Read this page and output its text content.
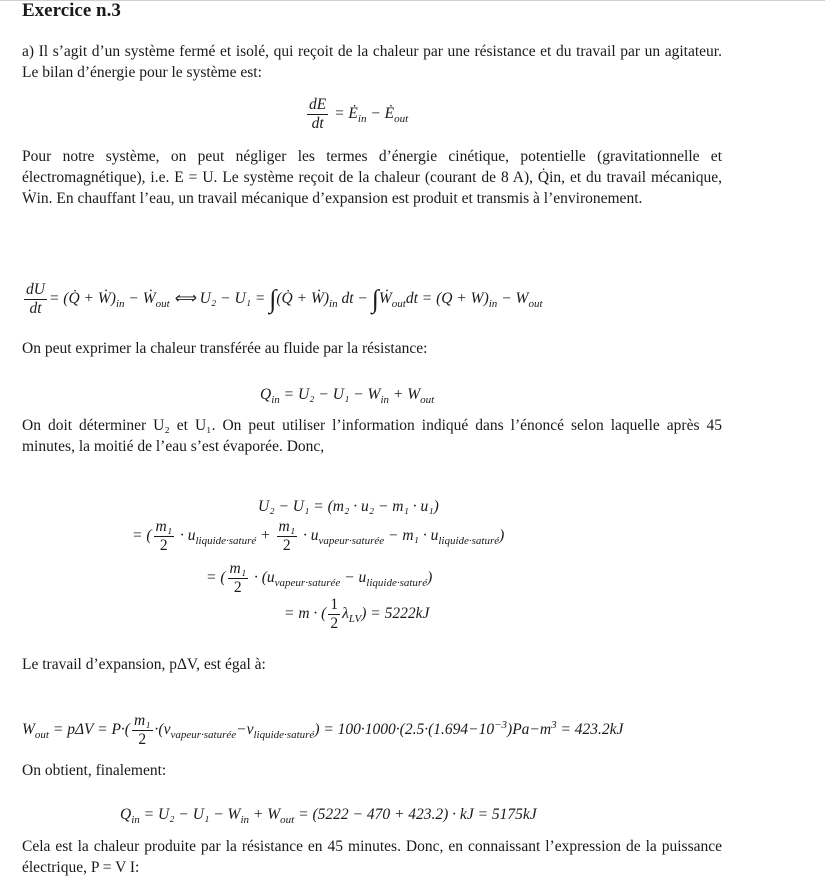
Exercice n.3
a) Il s’agit d’un système fermé et isolé, qui reçoit de la chaleur par une résistance et du travail par un agitateur. Le bilan d’énergie pour le système est:
$\frac{dE}{dt}$ = $Ė_{in}$ − $Ė_{out}$
Pour notre système, on peut négliger les termes d’énergie cinétique, potentielle (gravitationnelle et électromagnétique), i.e. E = U. Le système reçoit de la chaleur (courant de 8 A), Q̇in, et du travail mécanique, Ẇin. En chauffant l’eau, un travail mécanique d’expansion est produit et transmis à l’environement.
$\frac{dU}{dt}$ = (Q̇ + $Ẇ)_{in}$ − Ẇ$_{out}$ ⟺ U₂ − U₁ = ∫(Q̇ + $Ẇ)_{in}$ dt − ∫Ẇ$_{out}$dt = $(Q + W)_{in} - W_{out}$
On peut exprimer la chaleur transférée au fluide par la résistance:
$Q_{in} = U_2 - U_1 - W_{in} + W_{out}$
On doit déterminer U₂ et U₁. On peut utiliser l’information indiqué dans l’énoncé selon laquelle après 45 minutes, la moitié de l’eau s’est évaporée. Donc,
U₂ − U₁ = (m₂ · u₂ − m₁ · u₁)
= ( $\frac{\text{m₁}}{2} \cdot u_{liquide\cdot saturé} + \frac{\text{m₁}}{2} \cdot u_{vapeur\cdot saturée} - m_1 \cdot u_{liquide\cdot saturé}$)
= ( $\frac{\text{m₁}}{2} \cdot (u_{vapeur\cdot saturée} - u_{liquide\cdot saturé})$
= m · ( $\frac{1}{2} \lambda_{LV}) = 5222kJ$
Le travail d’expansion, pΔV, est égal à:
$W_{out} = p\Delta V = P\cdot( \frac{\text{m₁}}{2} \cdot(v_{vapeur\cdot saturée}-v_{liquide\cdot saturé}) = 100\cdot 1000\cdot(2.5\cdot(1.694-10^{-3})Pa-m^3 = 423.2kJ$
On obtient, finalement:
$Q_{in} = U_2 - U_1 - W_{in} + W_{out} = (5222 - 470 + 423.2)$ · kJ = 5175kJ
Cela est la chaleur produite par la résistance en 45 minutes. Donc, en connaissant l’expression de la puissance électrique, P = V I:
